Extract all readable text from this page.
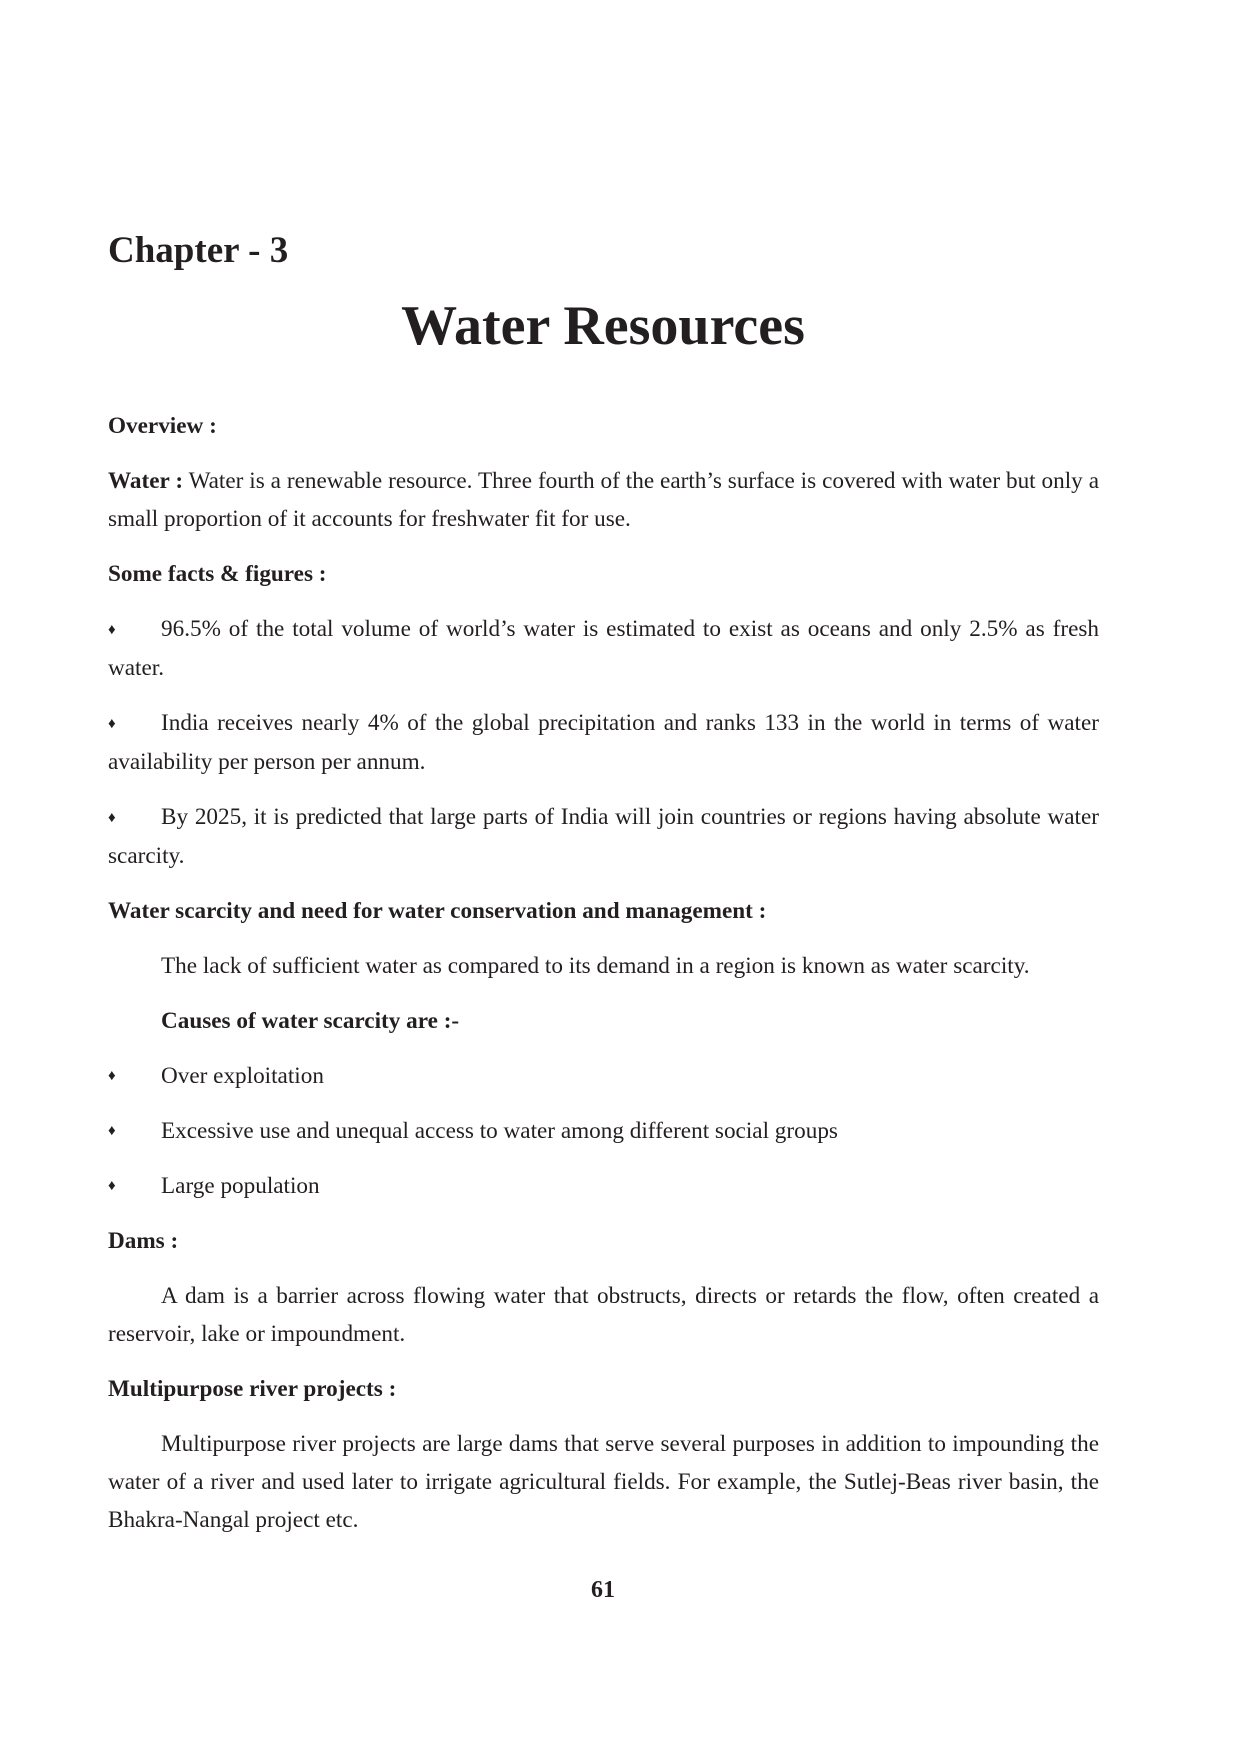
Chapter - 3
Water Resources

Overview :

Water : Water is a renewable resource. Three fourth of the earth’s surface is covered with water but only a small proportion of it accounts for freshwater fit for use.

Some facts & figures :

♦ 96.5% of the total volume of world’s water is estimated to exist as oceans and only 2.5% as fresh water.

♦ India receives nearly 4% of the global precipitation and ranks 133 in the world in terms of water availability per person per annum.

♦ By 2025, it is predicted that large parts of India will join countries or regions having absolute water scarcity.

Water scarcity and need for water conservation and management :

The lack of sufficient water as compared to its demand in a region is known as water scarcity.

Causes of water scarcity are :-

♦ Over exploitation

♦ Excessive use and unequal access to water among different social groups

♦ Large population

Dams :

A dam is a barrier across flowing water that obstructs, directs or retards the flow, often created a reservoir, lake or impoundment.

Multipurpose river projects :

Multipurpose river projects are large dams that serve several purposes in addition to impounding the water of a river and used later to irrigate agricultural fields. For example, the Sutlej-Beas river basin, the Bhakra-Nangal project etc.

61
